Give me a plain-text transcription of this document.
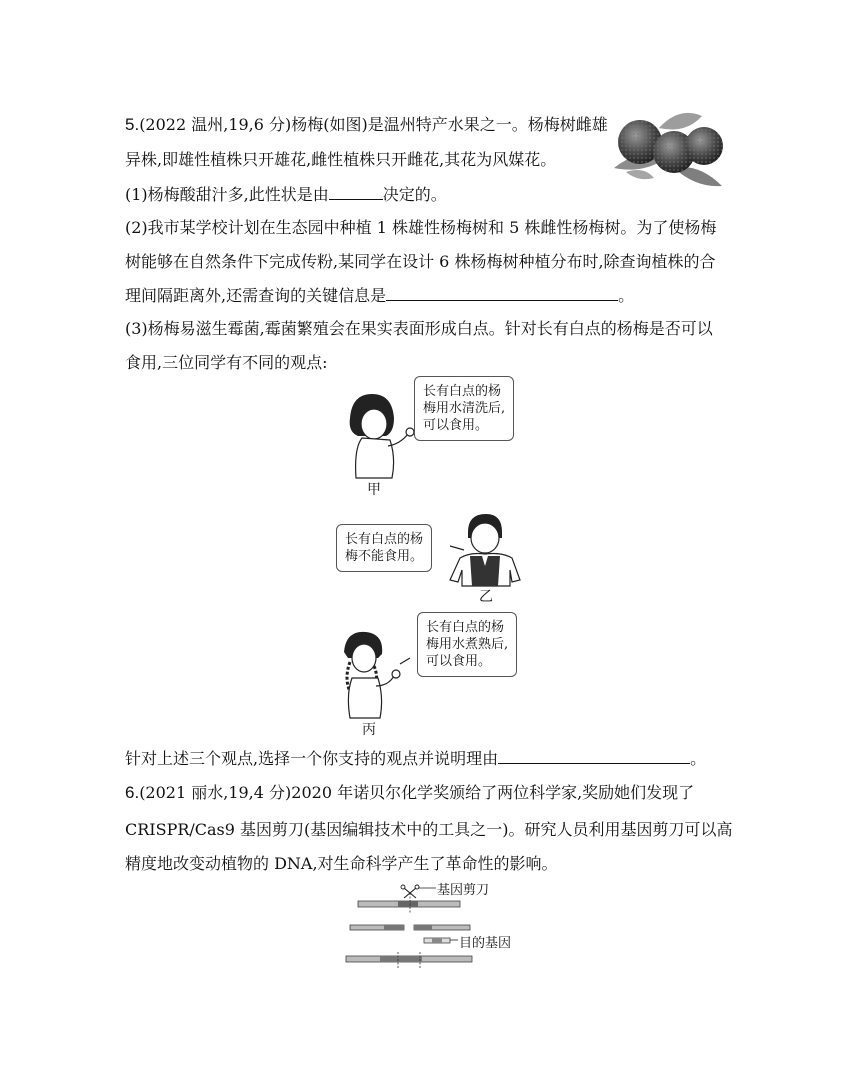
5.(2022 温州,19,6 分)杨梅(如图)是温州特产水果之一。杨梅树雌雄
异株,即雄性植株只开雄花,雌性植株只开雌花,其花为风媒花。
(1)杨梅酸甜汁多,此性状是由	决定的。
(2)我市某学校计划在生态园中种植 1 株雄性杨梅树和 5 株雌性杨梅树。为了使杨梅
树能够在自然条件下完成传粉,某同学在设计 6 株杨梅树种植分布时,除查询植株的合
理间隔距离外,还需查询的关键信息是	。
(3)杨梅易滋生霉菌,霉菌繁殖会在果实表面形成白点。针对长有白点的杨梅是否可以
食用,三位同学有不同的观点:
长有白点的杨
梅用水清洗后,
可以食用。
甲
长有白点的杨
梅不能食用。
乙
长有白点的杨
梅用水煮熟后,
可以食用。
丙
针对上述三个观点,选择一个你支持的观点并说明理由	。
6.(2021 丽水,19,4 分)2020 年诺贝尔化学奖颁给了两位科学家,奖励她们发现了
CRISPR/Cas9 基因剪刀(基因编辑技术中的工具之一)。研究人员利用基因剪刀可以高
精度地改变动植物的 DNA,对生命科学产生了革命性的影响。
基因剪刀
目的基因
